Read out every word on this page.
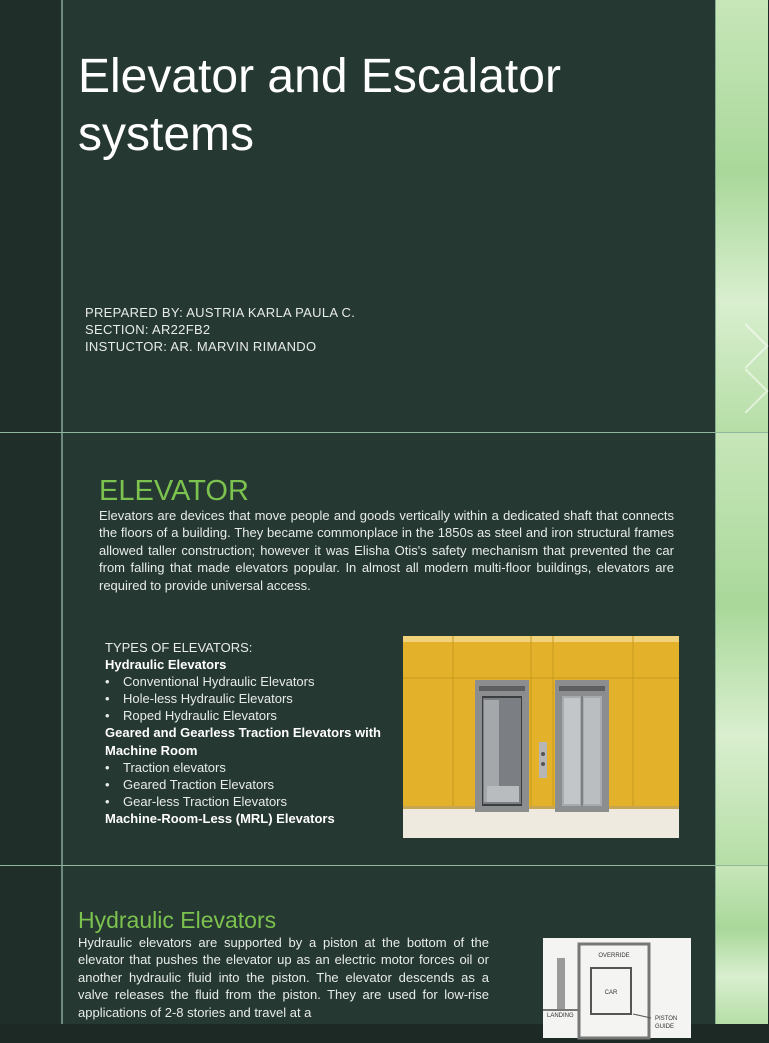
Elevator and Escalator systems
PREPARED BY: AUSTRIA KARLA PAULA C.
SECTION: AR22FB2
INSTUCTOR: AR. MARVIN RIMANDO
ELEVATOR
Elevators are devices that move people and goods vertically within a dedicated shaft that connects the floors of a building. They became commonplace in the 1850s as steel and iron structural frames allowed taller construction; however it was Elisha Otis's safety mechanism that prevented the car from falling that made elevators popular. In almost all modern multi-floor buildings, elevators are required to provide universal access.
TYPES OF ELEVATORS:
Hydraulic Elevators
• Conventional Hydraulic Elevators
• Hole-less Hydraulic Elevators
• Roped Hydraulic Elevators
Geared and Gearless Traction Elevators with Machine Room
• Traction elevators
• Geared Traction Elevators
• Gear-less Traction Elevators
Machine-Room-Less (MRL) Elevators
Hydraulic Elevators
Hydraulic elevators are supported by a piston at the bottom of the elevator that pushes the elevator up as an electric motor forces oil or another hydraulic fluid into the piston. The elevator descends as a valve releases the fluid from the piston. They are used for low-rise applications of 2-8 stories and travel at a
OVERRIDE
CAR
LANDING	PISTON
GUIDE
